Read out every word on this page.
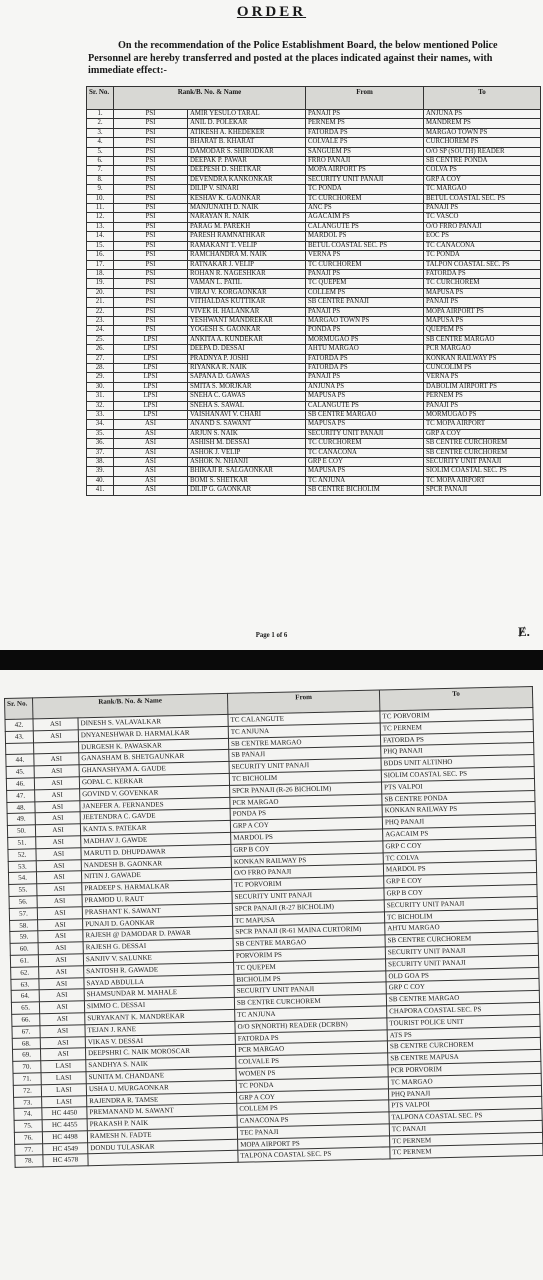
ORDER
On the recommendation of the Police Establishment Board, the below mentioned Police Personnel are hereby transferred and posted at the places indicated against their names, with immediate effect:-
Sr. No.	Rank/B. No. & Name		From	To
1.	PSI	AMIR YESULO TARAL	PANAJI PS	ANJUNA PS
2.	PSI	ANIL D. POLEKAR	PERNEM PS	MANDREM PS
3.	PSI	ATIKESH A. KHEDEKER	FATORDA PS	MARGAO TOWN PS
4.	PSI	BHARAT B. KHARAT	COLVALE PS	CURCHOREM PS
5.	PSI	DAMODAR S. SHIRODKAR	SANGUEM PS	O/O SP (SOUTH) READER
6.	PSI	DEEPAK P. PAWAR	FRRO PANAJI	SB CENTRE PONDA
7.	PSI	DEEPESH D. SHETKAR	MOPA AIRPORT PS	COLVA PS
8.	PSI	DEVENDRA KANKONKAR	SECURITY UNIT PANAJI	GRP A COY
9.	PSI	DILIP V. SINARI	TC PONDA	TC MARGAO
10.	PSI	KESHAV K. GAONKAR	TC CURCHOREM	BETUL COASTAL SEC. PS
11.	PSI	MANJUNATH D. NAIK	ANC PS	PANAJI PS
12.	PSI	NARAYAN R. NAIK	AGACAIM PS	TC VASCO
13.	PSI	PARAG M. PAREKH	CALANGUTE PS	O/O FRRO PANAJI
14.	PSI	PARESH RAMNATHKAR	MARDOL PS	EOC PS
15.	PSI	RAMAKANT T. VELIP	BETUL COASTAL SEC. PS	TC CANACONA
16.	PSI	RAMCHANDRA M. NAIK	VERNA PS	TC PONDA
17.	PSI	RATNAKAR J. VELIP	TC CURCHOREM	TALPON COASTAL SEC. PS
18.	PSI	ROHAN R. NAGESHKAR	PANAJI PS	FATORDA PS
19.	PSI	VAMAN L. PATIL	TC QUEPEM	TC CURCHOREM
20.	PSI	VIRAJ V. KORGAONKAR	COLLEM PS	MAPUSA PS
21.	PSI	VITHALDAS KUTTIKAR	SB CENTRE PANAJI	PANAJI PS
22.	PSI	VIVEK H. HALANKAR	PANAJI PS	MOPA AIRPORT PS
23.	PSI	YESHWANT MANDREKAR	MARGAO TOWN PS	MAPUSA PS
24.	PSI	YOGESH S. GAONKAR	PONDA PS	QUEPEM PS
25.	LPSI	ANKITA A. KUNDEKAR	MORMUGAO PS	SB CENTRE MARGAO
26.	LPSI	DEEPA D. DESSAI	AHTU MARGAO	PCR MARGAO
27.	LPSI	PRADNYA P. JOSHI	FATORDA PS	KONKAN RAILWAY PS
28.	LPSI	RIYANKA R. NAIK	FATORDA PS	CUNCOLIM PS
29.	LPSI	SAPANA D. GAWAS	PANAJI PS	VERNA PS
30.	LPSI	SMITA S. MORJKAR	ANJUNA PS	DABOLIM AIRPORT PS
31.	LPSI	SNEHA C. GAWAS	MAPUSA PS	PERNEM PS
32.	LPSI	SNEHA S. SAWAL	CALANGUTE PS	PANAJI PS
33.	LPSI	VAISHANAVI V. CHARI	SB CENTRE MARGAO	MORMUGAO PS
34.	ASI	ANAND S. SAWANT	MAPUSA PS	TC MOPA AIRPORT
35.	ASI	ARJUN S. NAIK	SECURITY UNIT PANAJI	GRP A COY
36.	ASI	ASHISH M. DESSAI	TC CURCHOREM	SB CENTRE CURCHOREM
37.	ASI	ASHOK J. VELIP	TC CANACONA	SB CENTRE CURCHOREM
38.	ASI	ASHOK N. NHANJI	GRP E COY	SECURITY UNIT PANAJI
39.	ASI	BHIKAJI R. SALGAONKAR	MAPUSA PS	SIOLIM COASTAL SEC. PS
40.	ASI	BOMI S. SHETKAR	TC ANJUNA	TC MOPA AIRPORT
41.	ASI	DILIP G. GAONKAR	SB CENTRE BICHOLIM	SPCR PANAJI
Page 1 of 6	Ɇ.
Sr. No.	Rank/B. No. & Name		From	To
42.	ASI	DINESH S. VALAVALKAR	TC CALANGUTE	TC PORVORIM
43.	ASI	DNYANESHWAR D. HARMALKAR	TC ANJUNA	TC PERNEM
		DURGESH K. PAWASKAR	SB CENTRE MARGAO	FATORDA PS
44.	ASI	GANASHAM B. SHETGAUNKAR	SB PANAJI	PHQ PANAJI
45.	ASI	GHANASHYAM A. GAUDE	SECURITY UNIT PANAJI	BDDS UNIT ALTINHO
46.	ASI	GOPAL C. KERKAR	TC BICHOLIM	SIOLIM COASTAL SEC. PS
47.	ASI	GOVIND V. GOVENKAR	SPCR PANAJI (R-26 BICHOLIM)	PTS VALPOI
48.	ASI	JANEFER A. FERNANDES	PCR MARGAO	SB CENTRE PONDA
49.	ASI	JEETENDRA C. GAVDE	PONDA PS	KONKAN RAILWAY PS
50.	ASI	KANTA S. PATEKAR	GRP A COY	PHQ PANAJI
51.	ASI	MADHAV J. GAWDE	MARDOL PS	AGACAIM PS
52.	ASI	MARUTI D. DHUPDAWAR	GRP B COY	GRP C COY
53.	ASI	NANDESH B. GAONKAR	KONKAN RAILWAY PS	TC COLVA
54.	ASI	NITIN J. GAWADE	O/O FRRO PANAJI	MARDOL PS
55.	ASI	PRADEEP S. HARMALKAR	TC PORVORIM	GRP E COY
56.	ASI	PRAMOD U. RAUT	SECURITY UNIT PANAJI	GRP B COY
57.	ASI	PRASHANT K. SAWANT	SPCR PANAJI (R-27 BICHOLIM)	SECURITY UNIT PANAJI
58.	ASI	PUNAJI D. GAONKAR	TC MAPUSA	TC BICHOLIM
59.	ASI	RAJESH @ DAMODAR D. PAWAR	SPCR PANAJI (R-61 MAINA CURTORIM)	AHTU MARGAO
60.	ASI	RAJESH G. DESSAI	SB CENTRE MARGAO	SB CENTRE CURCHOREM
61.	ASI	SANJIV V. SALUNKE	PORVORIM PS	SECURITY UNIT PANAJI
62.	ASI	SANTOSH R. GAWADE	TC QUEPEM	SECURITY UNIT PANAJI
63.	ASI	SAYAD ABDULLA	BICHOLIM PS	OLD GOA PS
64.	ASI	SHAMSUNDAR M. MAHALE	SECURITY UNIT PANAJI	GRP C COY
65.	ASI	SIMMO C. DESSAI	SB CENTRE CURCHOREM	SB CENTRE MARGAO
66.	ASI	SURYAKANT K. MANDREKAR	TC ANJUNA	CHAPORA COASTAL SEC. PS
67.	ASI	TEJAN J. RANE	O/O SP(NORTH) READER (DCRBN)	TOURIST POLICE UNIT
68.	ASI	VIKAS V. DESSAI	FATORDA PS	ATS PS
69.	ASI	DEEPSHRI C. NAIK MOROSCAR	PCR MARGAO	SB CENTRE CURCHOREM
70.	LASI	SANDHYA S. NAIK	COLVALE PS	SB CENTRE MAPUSA
71.	LASI	SUNITA M. CHANDANE	WOMEN PS	PCR PORVORIM
72.	LASI	USHA U. MURGAONKAR	TC PONDA	TC MARGAO
73.	LASI	RAJENDRA R. TAMSE	GRP A COY	PHQ PANAJI
74.	HC 4450	PREMANAND M. SAWANT	COLLEM PS	PTS VALPOI
75.	HC 4455	PRAKASH P. NAIK	CANACONA PS	TALPONA COASTAL SEC. PS
76.	HC 4498	RAMESH N. FADTE	TEC PANAJI	TC PANAJI
77.	HC 4549	DONDU TULASKAR	MOPA AIRPORT PS	TC PERNEM
78.	HC 4578		TALPONA COASTAL SEC. PS	TC PERNEM
